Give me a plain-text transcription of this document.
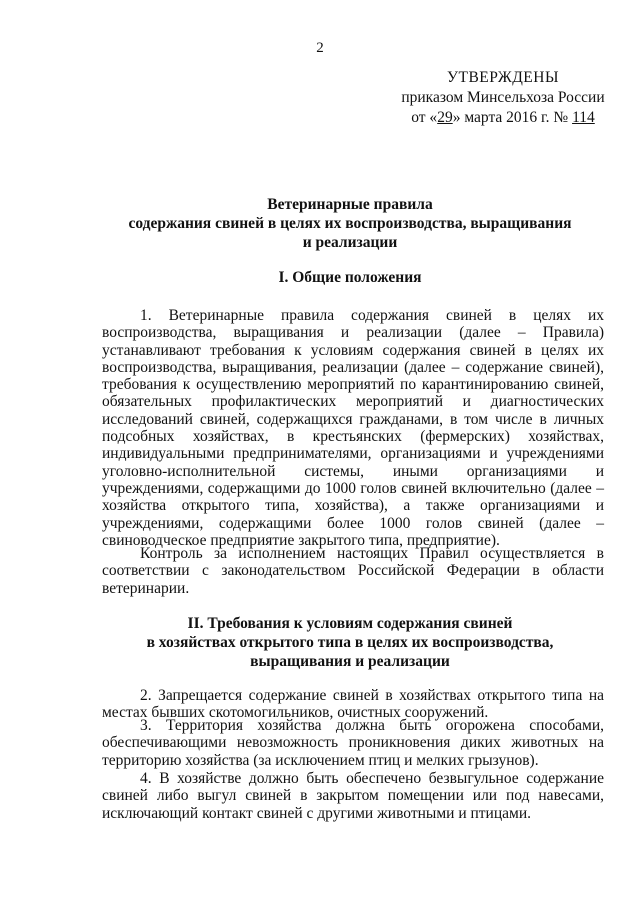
2
УТВЕРЖДЕНЫ
приказом Минсельхоза России
от «29» марта 2016 г. № 114
Ветеринарные правила
содержания свиней в целях их воспроизводства, выращивания
и реализации
I. Общие положения

1. Ветеринарные правила содержания свиней в целях их воспроизводства, выращивания и реализации (далее – Правила) устанавливают требования к условиям содержания свиней в целях их воспроизводства, выращивания, реализации (далее – содержание свиней), требования к осуществлению мероприятий по карантинированию свиней, обязательных профилактических мероприятий и диагностических исследований свиней, содержащихся гражданами, в том числе в личных подсобных хозяйствах, в крестьянских (фермерских) хозяйствах, индивидуальными предпринимателями, организациями и учреждениями уголовно-исполнительной системы, иными организациями и учреждениями, содержащими до 1000 голов свиней включительно (далее – хозяйства открытого типа, хозяйства), а также организациями и учреждениями, содержащими более 1000 голов свиней (далее – свиноводческое предприятие закрытого типа, предприятие).

Контроль за исполнением настоящих Правил осуществляется в соответствии с законодательством Российской Федерации в области ветеринарии.

II. Требования к условиям содержания свиней
в хозяйствах открытого типа в целях их воспроизводства,
выращивания и реализации

2. Запрещается содержание свиней в хозяйствах открытого типа на местах бывших скотомогильников, очистных сооружений.

3. Территория хозяйства должна быть огорожена способами, обеспечивающими невозможность проникновения диких животных на территорию хозяйства (за исключением птиц и мелких грызунов).

4. В хозяйстве должно быть обеспечено безвыгульное содержание свиней либо выгул свиней в закрытом помещении или под навесами, исключающий контакт свиней с другими животными и птицами.
